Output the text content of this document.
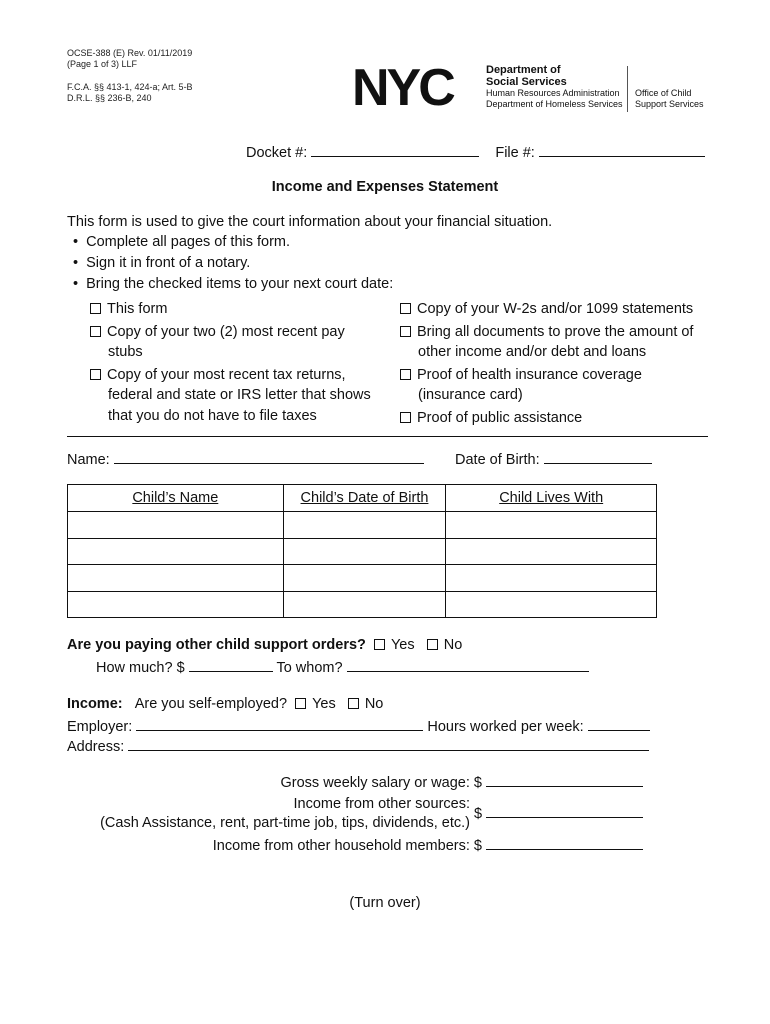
OCSE-388 (E) Rev. 01/11/2019
(Page 1 of 3) LLF
F.C.A. §§ 413-1, 424-a; Art. 5-B
D.R.L. §§ 236-B, 240	NYC	Department of
Social Services
Human Resources Administration
Department of Homeless Services
Office of Child
Support Services
Docket #:	File #:
Income and Expenses Statement
This form is used to give the court information about your financial situation.
•  Complete all pages of this form.
•  Sign it in front of a notary.
•  Bring the checked items to your next court date:
This form
Copy of your two (2) most recent pay
stubs
Copy of your most recent tax returns,
federal and state or IRS letter that shows
that you do not have to file taxes
Copy of your W-2s and/or 1099 statements
Bring all documents to prove the amount of
other income and/or debt and loans
Proof of health insurance coverage
(insurance card)
Proof of public assistance
Name:	Date of Birth:
Child’s Name	Child’s Date of Birth	Child Lives With

Are you paying other child support orders? Yes No
How much? $	To whom?
Income: Are you self-employed? Yes No
Employer:	Hours worked per week:
Address:
Gross weekly salary or wage: $
Income from other sources:
(Cash Assistance, rent, part-time job, tips, dividends, etc.)
$
Income from other household members: $
(Turn over)
